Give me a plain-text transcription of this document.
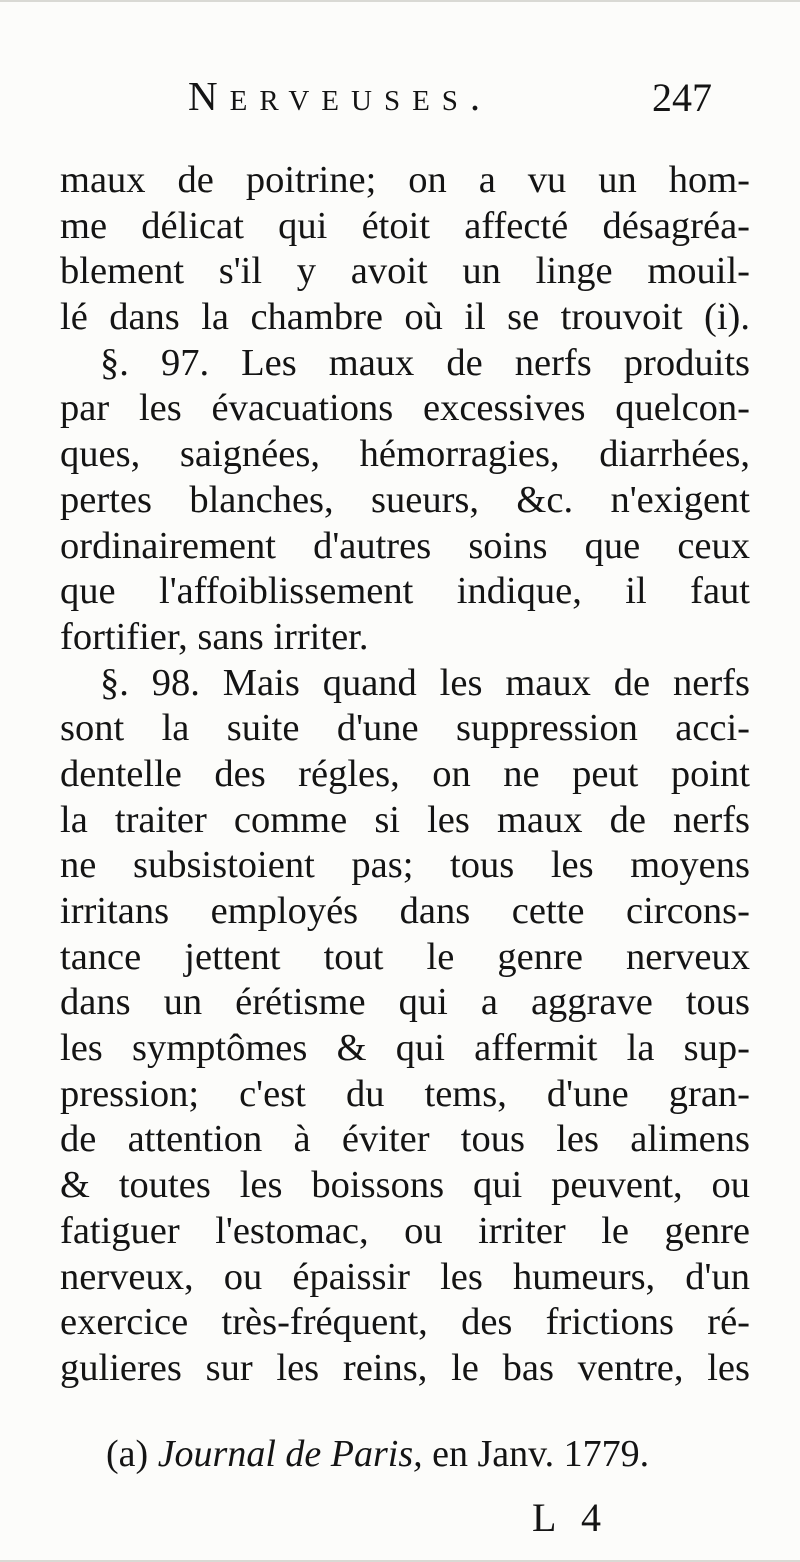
Nerveuses.	247
maux de poitrine; on a vu un hom-
me délicat qui étoit affecté désagréa-
blement s'il y avoit un linge mouil-
lé dans la chambre où il se trouvoit (i).
§. 97. Les maux de nerfs produits
par les évacuations excessives quelcon-
ques, saignées, hémorragies, diarrhées,
pertes blanches, sueurs, &c. n'exigent
ordinairement d'autres soins que ceux
que l'affoiblissement indique, il faut
fortifier, sans irriter.
§. 98. Mais quand les maux de nerfs
sont la suite d'une suppression acci-
dentelle des régles, on ne peut point
la traiter comme si les maux de nerfs
ne subsistoient pas; tous les moyens
irritans employés dans cette circons-
tance jettent tout le genre nerveux
dans un érétisme qui a aggrave tous
les symptômes & qui affermit la sup-
pression; c'est du tems, d'une gran-
de attention à éviter tous les alimens
& toutes les boissons qui peuvent, ou
fatiguer l'estomac, ou irriter le genre
nerveux, ou épaissir les humeurs, d'un
exercice très-fréquent, des frictions ré-
gulieres sur les reins, le bas ventre, les
(a) Journal de Paris, en Janv. 1779.
L 4
